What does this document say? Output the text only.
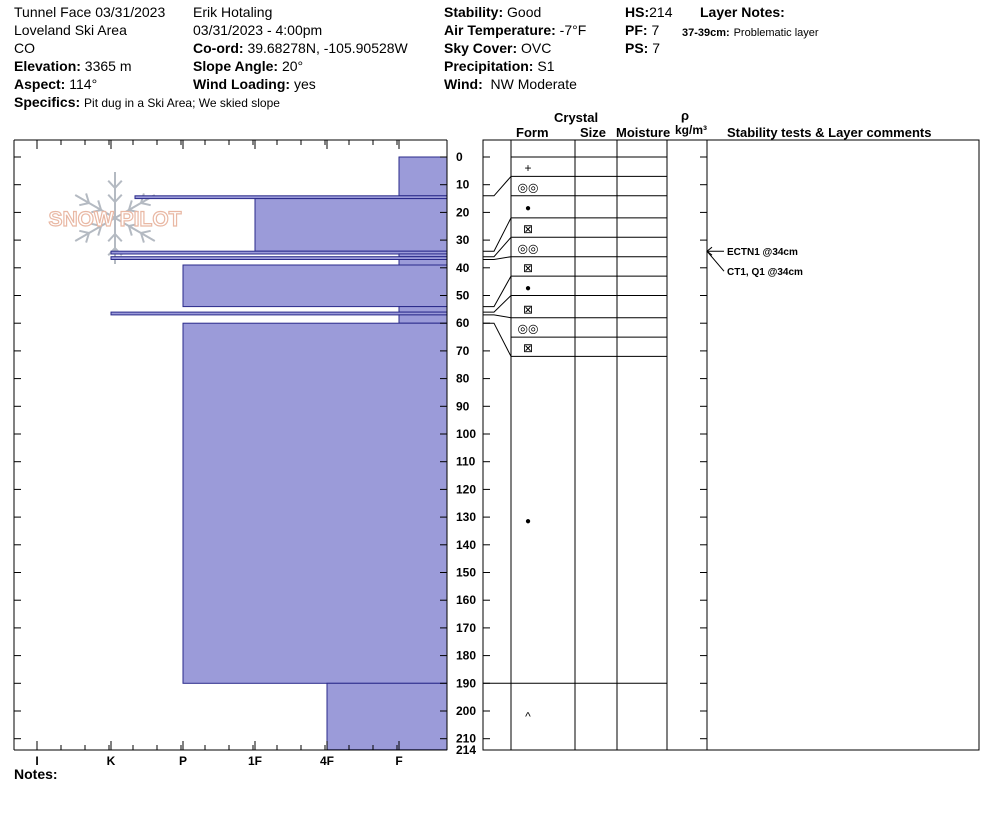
Tunnel Face 03/31/2023
Loveland Ski Area
CO
Elevation: 3365 m
Aspect: 114°
Specifics: Pit dug in a Ski Area; We skied slope
Erik Hotaling
03/31/2023 - 4:00pm
Co-ord: 39.68278N, -105.90528W
Slope Angle: 20°
Wind Loading: yes
Stability: Good
Air Temperature: -7°F
Sky Cover: OVC
Precipitation: S1
Wind: NW Moderate
HS:214
PF: 7
PS: 7
Layer Notes:
37-39cm: Problematic layer
Crystal
Form Size Moisture
ρ
kg/m³ Stability tests & Layer comments
SNOW PILOT
0
10
20
30
40
50
60
70
80
90
100
110
120
130
140
150
160
170
180
190
200
210
214
I	K	P	1F	4F	F
+
◎◎
●
⊠
◎◎
⊠
●
⊠
◎◎
⊠
●
^
ECTN1 @34cm
CT1, Q1 @34cm
Notes:
